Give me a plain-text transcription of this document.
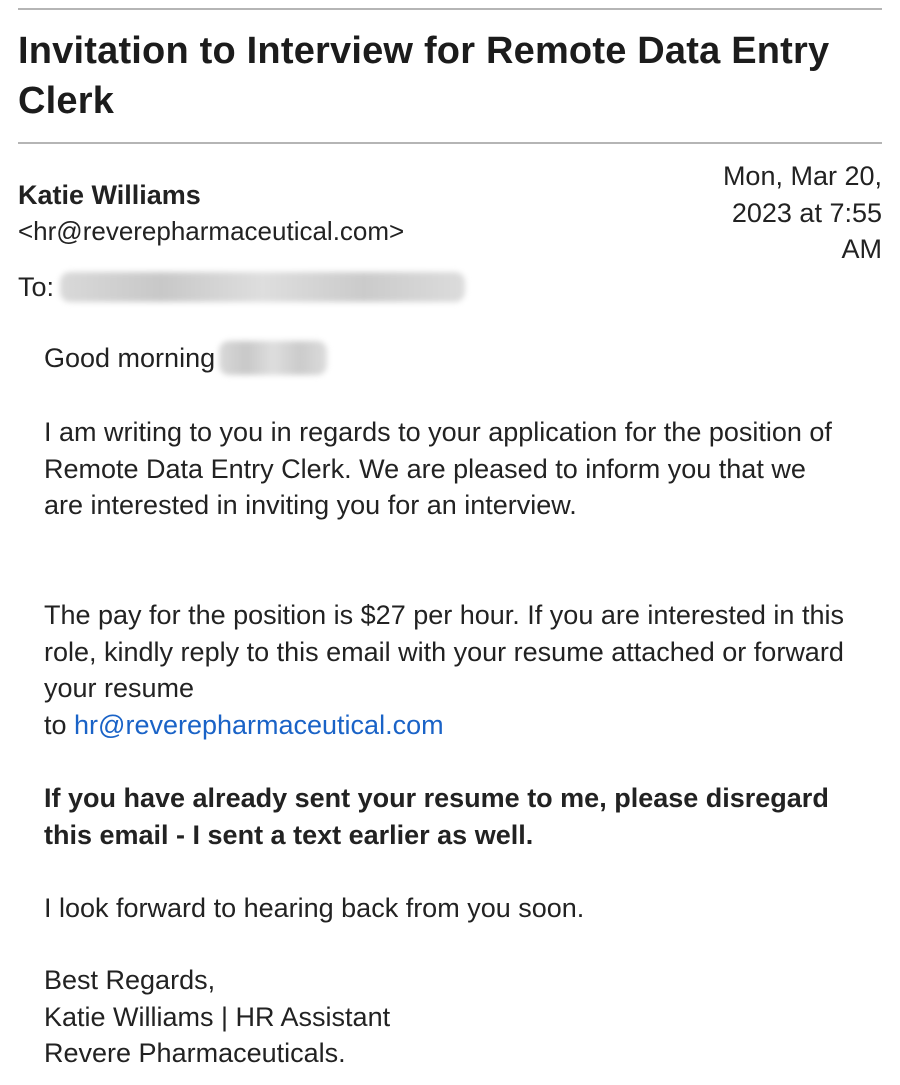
Invitation to Interview for Remote Data Entry Clerk
Katie Williams
<hr@reverepharmaceutical.com>
Mon, Mar 20,
2023 at 7:55
AM
To:
Good morning

I am writing to you in regards to your application for the position of Remote Data Entry Clerk. We are pleased to inform you that we are interested in inviting you for an interview.

The pay for the position is $27 per hour. If you are interested in this role, kindly reply to this email with your resume attached or forward your resume
to hr@reverepharmaceutical.com

If you have already sent your resume to me, please disregard this email - I sent a text earlier as well.

I look forward to hearing back from you soon.

Best Regards,
Katie Williams | HR Assistant
Revere Pharmaceuticals.
